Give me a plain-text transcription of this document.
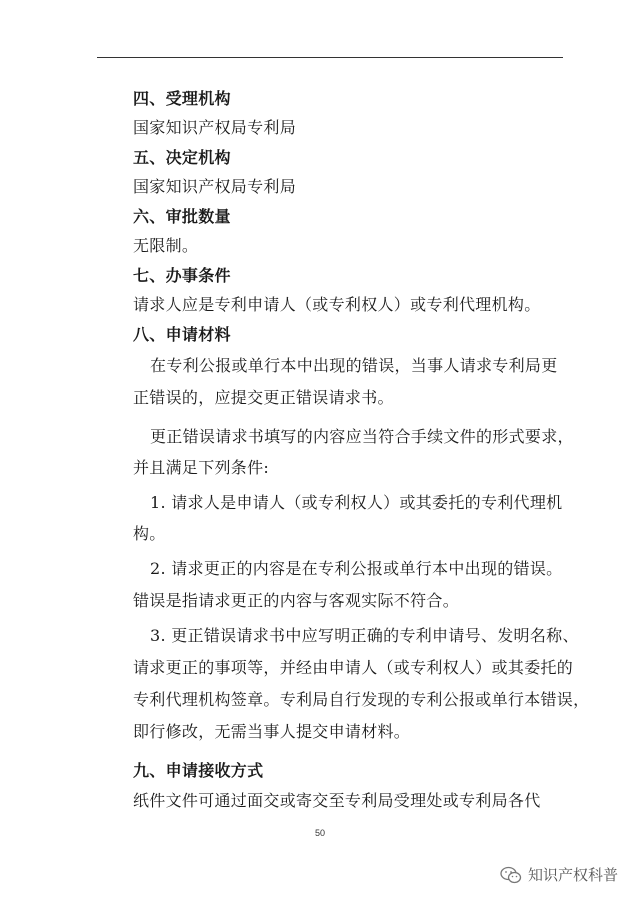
四、受理机构
国家知识产权局专利局
五、决定机构
国家知识产权局专利局
六、审批数量
无限制。
七、办事条件
请求人应是专利申请人（或专利权人）或专利代理机构。
八、申请材料
在专利公报或单行本中出现的错误，当事人请求专利局更
正错误的，应提交更正错误请求书。
更正错误请求书填写的内容应当符合手续文件的形式要求，
并且满足下列条件:
1. 请求人是申请人（或专利权人）或其委托的专利代理机
构。
2. 请求更正的内容是在专利公报或单行本中出现的错误。
错误是指请求更正的内容与客观实际不符合。
3. 更正错误请求书中应写明正确的专利申请号、发明名称、
请求更正的事项等，并经由申请人（或专利权人）或其委托的
专利代理机构签章。专利局自行发现的专利公报或单行本错误，
即行修改，无需当事人提交申请材料。
九、申请接收方式
纸件文件可通过面交或寄交至专利局受理处或专利局各代
50
知识产权科普
